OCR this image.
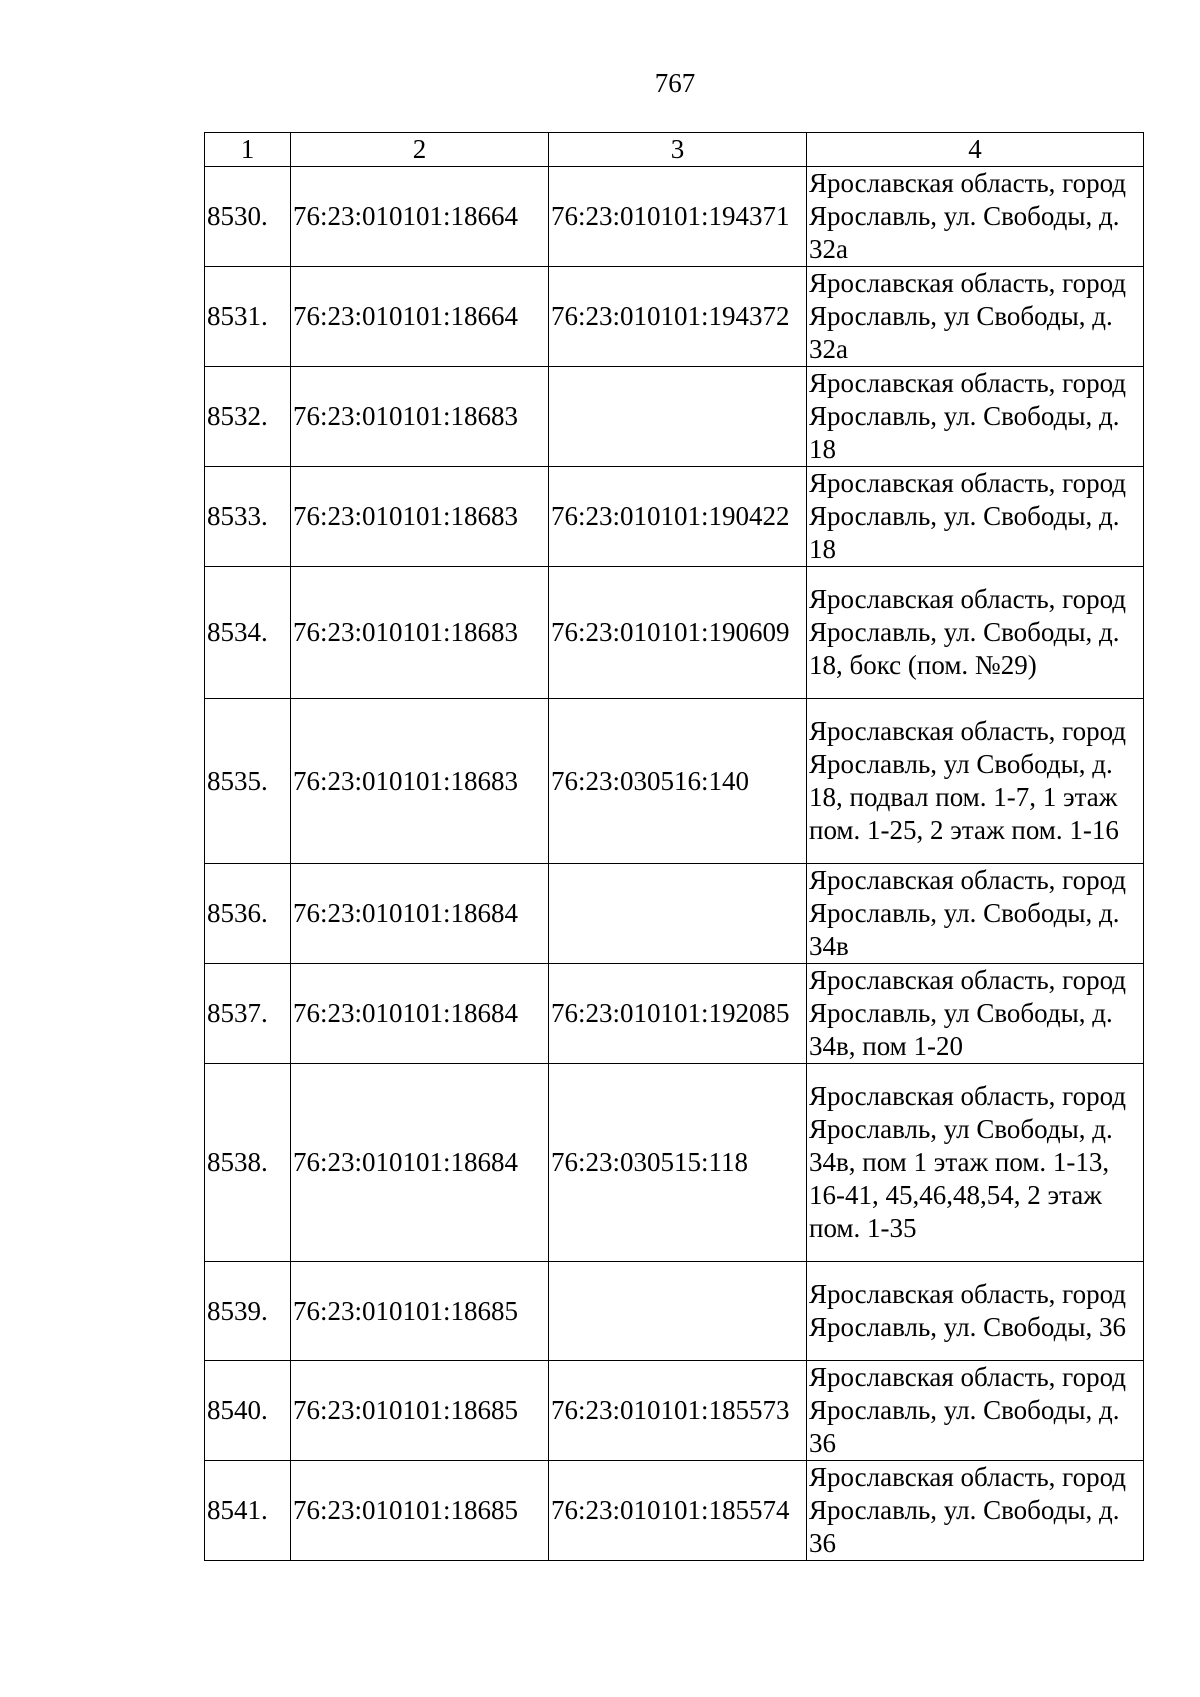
767
1	2	3	4
8530.	76:23:010101:18664	76:23:010101:194371	Ярославская область, город Ярославль, ул. Свободы, д. 32а
8531.	76:23:010101:18664	76:23:010101:194372	Ярославская область, город Ярославль, ул Свободы, д. 32а
8532.	76:23:010101:18683		Ярославская область, город Ярославль, ул. Свободы, д. 18
8533.	76:23:010101:18683	76:23:010101:190422	Ярославская область, город Ярославль, ул. Свободы, д. 18
8534.	76:23:010101:18683	76:23:010101:190609	Ярославская область, город Ярославль, ул. Свободы, д. 18, бокс (пом. №29)
8535.	76:23:010101:18683	76:23:030516:140	Ярославская область, город Ярославль, ул Свободы, д. 18, подвал пом. 1-7, 1 этаж пом. 1-25, 2 этаж пом. 1-16
8536.	76:23:010101:18684		Ярославская область, город Ярославль, ул. Свободы, д. 34в
8537.	76:23:010101:18684	76:23:010101:192085	Ярославская область, город Ярославль, ул Свободы, д. 34в, пом 1-20
8538.	76:23:010101:18684	76:23:030515:118	Ярославская область, город Ярославль, ул Свободы, д. 34в, пом 1 этаж пом. 1-13, 16-41, 45,46,48,54, 2 этаж пом. 1-35
8539.	76:23:010101:18685		Ярославская область, город Ярославль, ул. Свободы, 36
8540.	76:23:010101:18685	76:23:010101:185573	Ярославская область, город Ярославль, ул. Свободы, д. 36
8541.	76:23:010101:18685	76:23:010101:185574	Ярославская область, город Ярославль, ул. Свободы, д. 36
